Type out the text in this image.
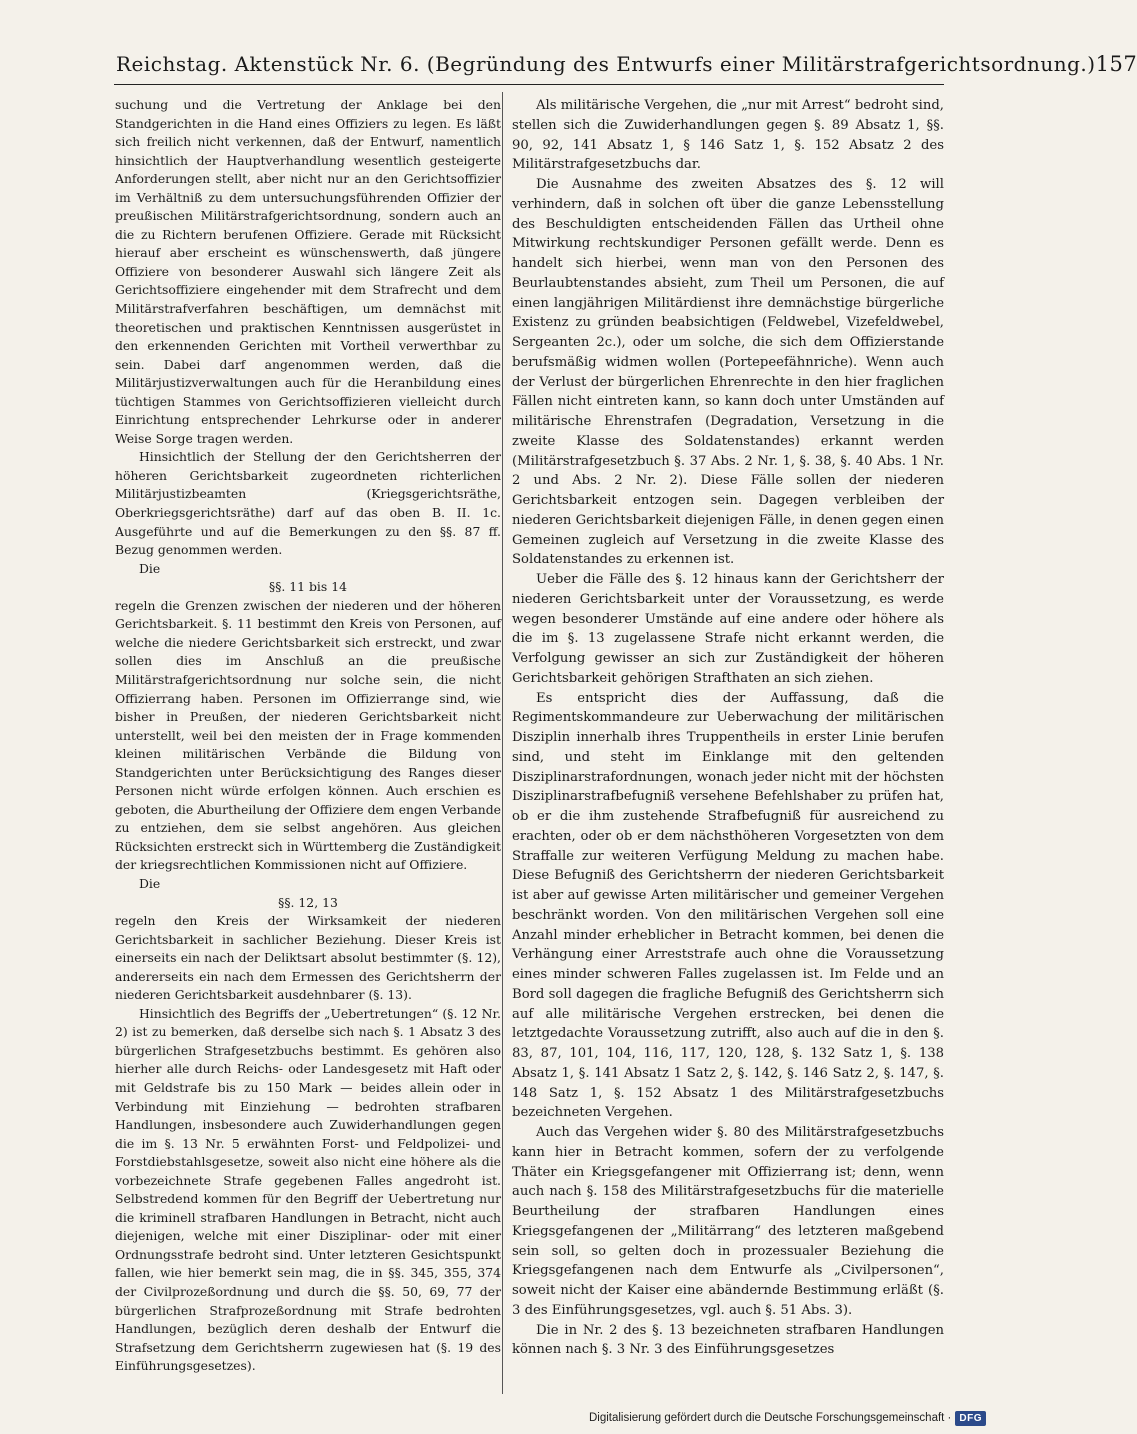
Reichstag. Aktenstück Nr. 6. (Begründung des Entwurfs einer Militärstrafgerichtsordnung.) 157

suchung und die Vertretung der Anklage bei den Standgerichten in die Hand eines Offiziers zu legen. Es läßt sich freilich nicht verkennen, daß der Entwurf, namentlich hinsichtlich der Hauptverhandlung wesentlich gesteigerte Anforderungen stellt, aber nicht nur an den Gerichtsoffizier im Verhältniß zu dem untersuchungsführenden Offizier der preußischen Militärstrafgerichtsordnung, sondern auch an die zu Richtern berufenen Offiziere. Gerade mit Rücksicht hierauf aber erscheint es wünschenswerth, daß jüngere Offiziere von besonderer Auswahl sich längere Zeit als Gerichtsoffiziere eingehender mit dem Strafrecht und dem Militärstrafverfahren beschäftigen, um demnächst mit theoretischen und praktischen Kenntnissen ausgerüstet in den erkennenden Gerichten mit Vortheil verwerthbar zu sein. Dabei darf angenommen werden, daß die Militärjustizverwaltungen auch für die Heranbildung eines tüchtigen Stammes von Gerichtsoffizieren vielleicht durch Einrichtung entsprechender Lehrkurse oder in anderer Weise Sorge tragen werden.

Hinsichtlich der Stellung der den Gerichtsherren der höheren Gerichtsbarkeit zugeordneten richterlichen Militärjustizbeamten (Kriegsgerichtsräthe, Oberkriegsgerichtsräthe) darf auf das oben B. II. 1c. Ausgeführte und auf die Bemerkungen zu den §§. 87 ff. Bezug genommen werden.

Die

§§. 11 bis 14

regeln die Grenzen zwischen der niederen und der höheren Gerichtsbarkeit. §. 11 bestimmt den Kreis von Personen, auf welche die niedere Gerichtsbarkeit sich erstreckt, und zwar sollen dies im Anschluß an die preußische Militärstrafgerichtsordnung nur solche sein, die nicht Offizierrang haben. Personen im Offizierrange sind, wie bisher in Preußen, der niederen Gerichtsbarkeit nicht unterstellt, weil bei den meisten der in Frage kommenden kleinen militärischen Verbände die Bildung von Standgerichten unter Berücksichtigung des Ranges dieser Personen nicht würde erfolgen können. Auch erschien es geboten, die Aburtheilung der Offiziere dem engen Verbande zu entziehen, dem sie selbst angehören. Aus gleichen Rücksichten erstreckt sich in Württemberg die Zuständigkeit der kriegsrechtlichen Kommissionen nicht auf Offiziere.

Die

§§. 12, 13

regeln den Kreis der Wirksamkeit der niederen Gerichtsbarkeit in sachlicher Beziehung. Dieser Kreis ist einerseits ein nach der Deliktsart absolut bestimmter (§. 12), andererseits ein nach dem Ermessen des Gerichtsherrn der niederen Gerichtsbarkeit ausdehnbarer (§. 13).

Hinsichtlich des Begriffs der „Uebertretungen“ (§. 12 Nr. 2) ist zu bemerken, daß derselbe sich nach §. 1 Absatz 3 des bürgerlichen Strafgesetzbuchs bestimmt. Es gehören also hierher alle durch Reichs- oder Landesgesetz mit Haft oder mit Geldstrafe bis zu 150 Mark — beides allein oder in Verbindung mit Einziehung — bedrohten strafbaren Handlungen, insbesondere auch Zuwiderhandlungen gegen die im §. 13 Nr. 5 erwähnten Forst- und Feldpolizei- und Forstdiebstahlsgesetze, soweit also nicht eine höhere als die vorbezeichnete Strafe gegebenen Falles angedroht ist. Selbstredend kommen für den Begriff der Uebertretung nur die kriminell strafbaren Handlungen in Betracht, nicht auch diejenigen, welche mit einer Disziplinar- oder mit einer Ordnungsstrafe bedroht sind. Unter letzteren Gesichtspunkt fallen, wie hier bemerkt sein mag, die in §§. 345, 355, 374 der Civilprozeßordnung und durch die §§. 50, 69, 77 der bürgerlichen Strafprozeßordnung mit Strafe bedrohten Handlungen, bezüglich deren deshalb der Entwurf die Strafsetzung dem Gerichtsherrn zugewiesen hat (§. 19 des Einführungsgesetzes).

Als militärische Vergehen, die „nur mit Arrest“ bedroht sind, stellen sich die Zuwiderhandlungen gegen §. 89 Absatz 1, §§. 90, 92, 141 Absatz 1, § 146 Satz 1, §. 152 Absatz 2 des Militärstrafgesetzbuchs dar.

Die Ausnahme des zweiten Absatzes des §. 12 will verhindern, daß in solchen oft über die ganze Lebensstellung des Beschuldigten entscheidenden Fällen das Urtheil ohne Mitwirkung rechtskundiger Personen gefällt werde. Denn es handelt sich hierbei, wenn man von den Personen des Beurlaubtenstandes absieht, zum Theil um Personen, die auf einen langjährigen Militärdienst ihre demnächstige bürgerliche Existenz zu gründen beabsichtigen (Feldwebel, Vizefeldwebel, Sergeanten 2c.), oder um solche, die sich dem Offizierstande berufsmäßig widmen wollen (Portepeefähnriche). Wenn auch der Verlust der bürgerlichen Ehrenrechte in den hier fraglichen Fällen nicht eintreten kann, so kann doch unter Umständen auf militärische Ehrenstrafen (Degradation, Versetzung in die zweite Klasse des Soldatenstandes) erkannt werden (Militärstrafgesetzbuch §. 37 Abs. 2 Nr. 1, §. 38, §. 40 Abs. 1 Nr. 2 und Abs. 2 Nr. 2). Diese Fälle sollen der niederen Gerichtsbarkeit entzogen sein. Dagegen verbleiben der niederen Gerichtsbarkeit diejenigen Fälle, in denen gegen einen Gemeinen zugleich auf Versetzung in die zweite Klasse des Soldatenstandes zu erkennen ist.

Ueber die Fälle des §. 12 hinaus kann der Gerichtsherr der niederen Gerichtsbarkeit unter der Voraussetzung, es werde wegen besonderer Umstände auf eine andere oder höhere als die im §. 13 zugelassene Strafe nicht erkannt werden, die Verfolgung gewisser an sich zur Zuständigkeit der höheren Gerichtsbarkeit gehörigen Strafthaten an sich ziehen.

Es entspricht dies der Auffassung, daß die Regimentskommandeure zur Ueberwachung der militärischen Disziplin innerhalb ihres Truppentheils in erster Linie berufen sind, und steht im Einklange mit den geltenden Disziplinarstrafordnungen, wonach jeder nicht mit der höchsten Disziplinarstrafbefugniß versehene Befehlshaber zu prüfen hat, ob er die ihm zustehende Strafbefugniß für ausreichend zu erachten, oder ob er dem nächsthöheren Vorgesetzten von dem Straffalle zur weiteren Verfügung Meldung zu machen habe. Diese Befugniß des Gerichtsherrn der niederen Gerichtsbarkeit ist aber auf gewisse Arten militärischer und gemeiner Vergehen beschränkt worden. Von den militärischen Vergehen soll eine Anzahl minder erheblicher in Betracht kommen, bei denen die Verhängung einer Arreststrafe auch ohne die Voraussetzung eines minder schweren Falles zugelassen ist. Im Felde und an Bord soll dagegen die fragliche Befugniß des Gerichtsherrn sich auf alle militärische Vergehen erstrecken, bei denen die letztgedachte Voraussetzung zutrifft, also auch auf die in den §. 83, 87, 101, 104, 116, 117, 120, 128, §. 132 Satz 1, §. 138 Absatz 1, §. 141 Absatz 1 Satz 2, §. 142, §. 146 Satz 2, §. 147, §. 148 Satz 1, §. 152 Absatz 1 des Militärstrafgesetzbuchs bezeichneten Vergehen.

Auch das Vergehen wider §. 80 des Militärstrafgesetzbuchs kann hier in Betracht kommen, sofern der zu verfolgende Thäter ein Kriegsgefangener mit Offizierrang ist; denn, wenn auch nach §. 158 des Militärstrafgesetzbuchs für die materielle Beurtheilung der strafbaren Handlungen eines Kriegsgefangenen der „Militärrang“ des letzteren maßgebend sein soll, so gelten doch in prozessualer Beziehung die Kriegsgefangenen nach dem Entwurfe als „Civilpersonen“, soweit nicht der Kaiser eine abändernde Bestimmung erläßt (§. 3 des Einführungsgesetzes, vgl. auch §. 51 Abs. 3).

Die in Nr. 2 des §. 13 bezeichneten strafbaren Handlungen können nach §. 3 Nr. 3 des Einführungsgesetzes

Digitalisierung gefördert durch die Deutsche Forschungsgemeinschaft · DFG
